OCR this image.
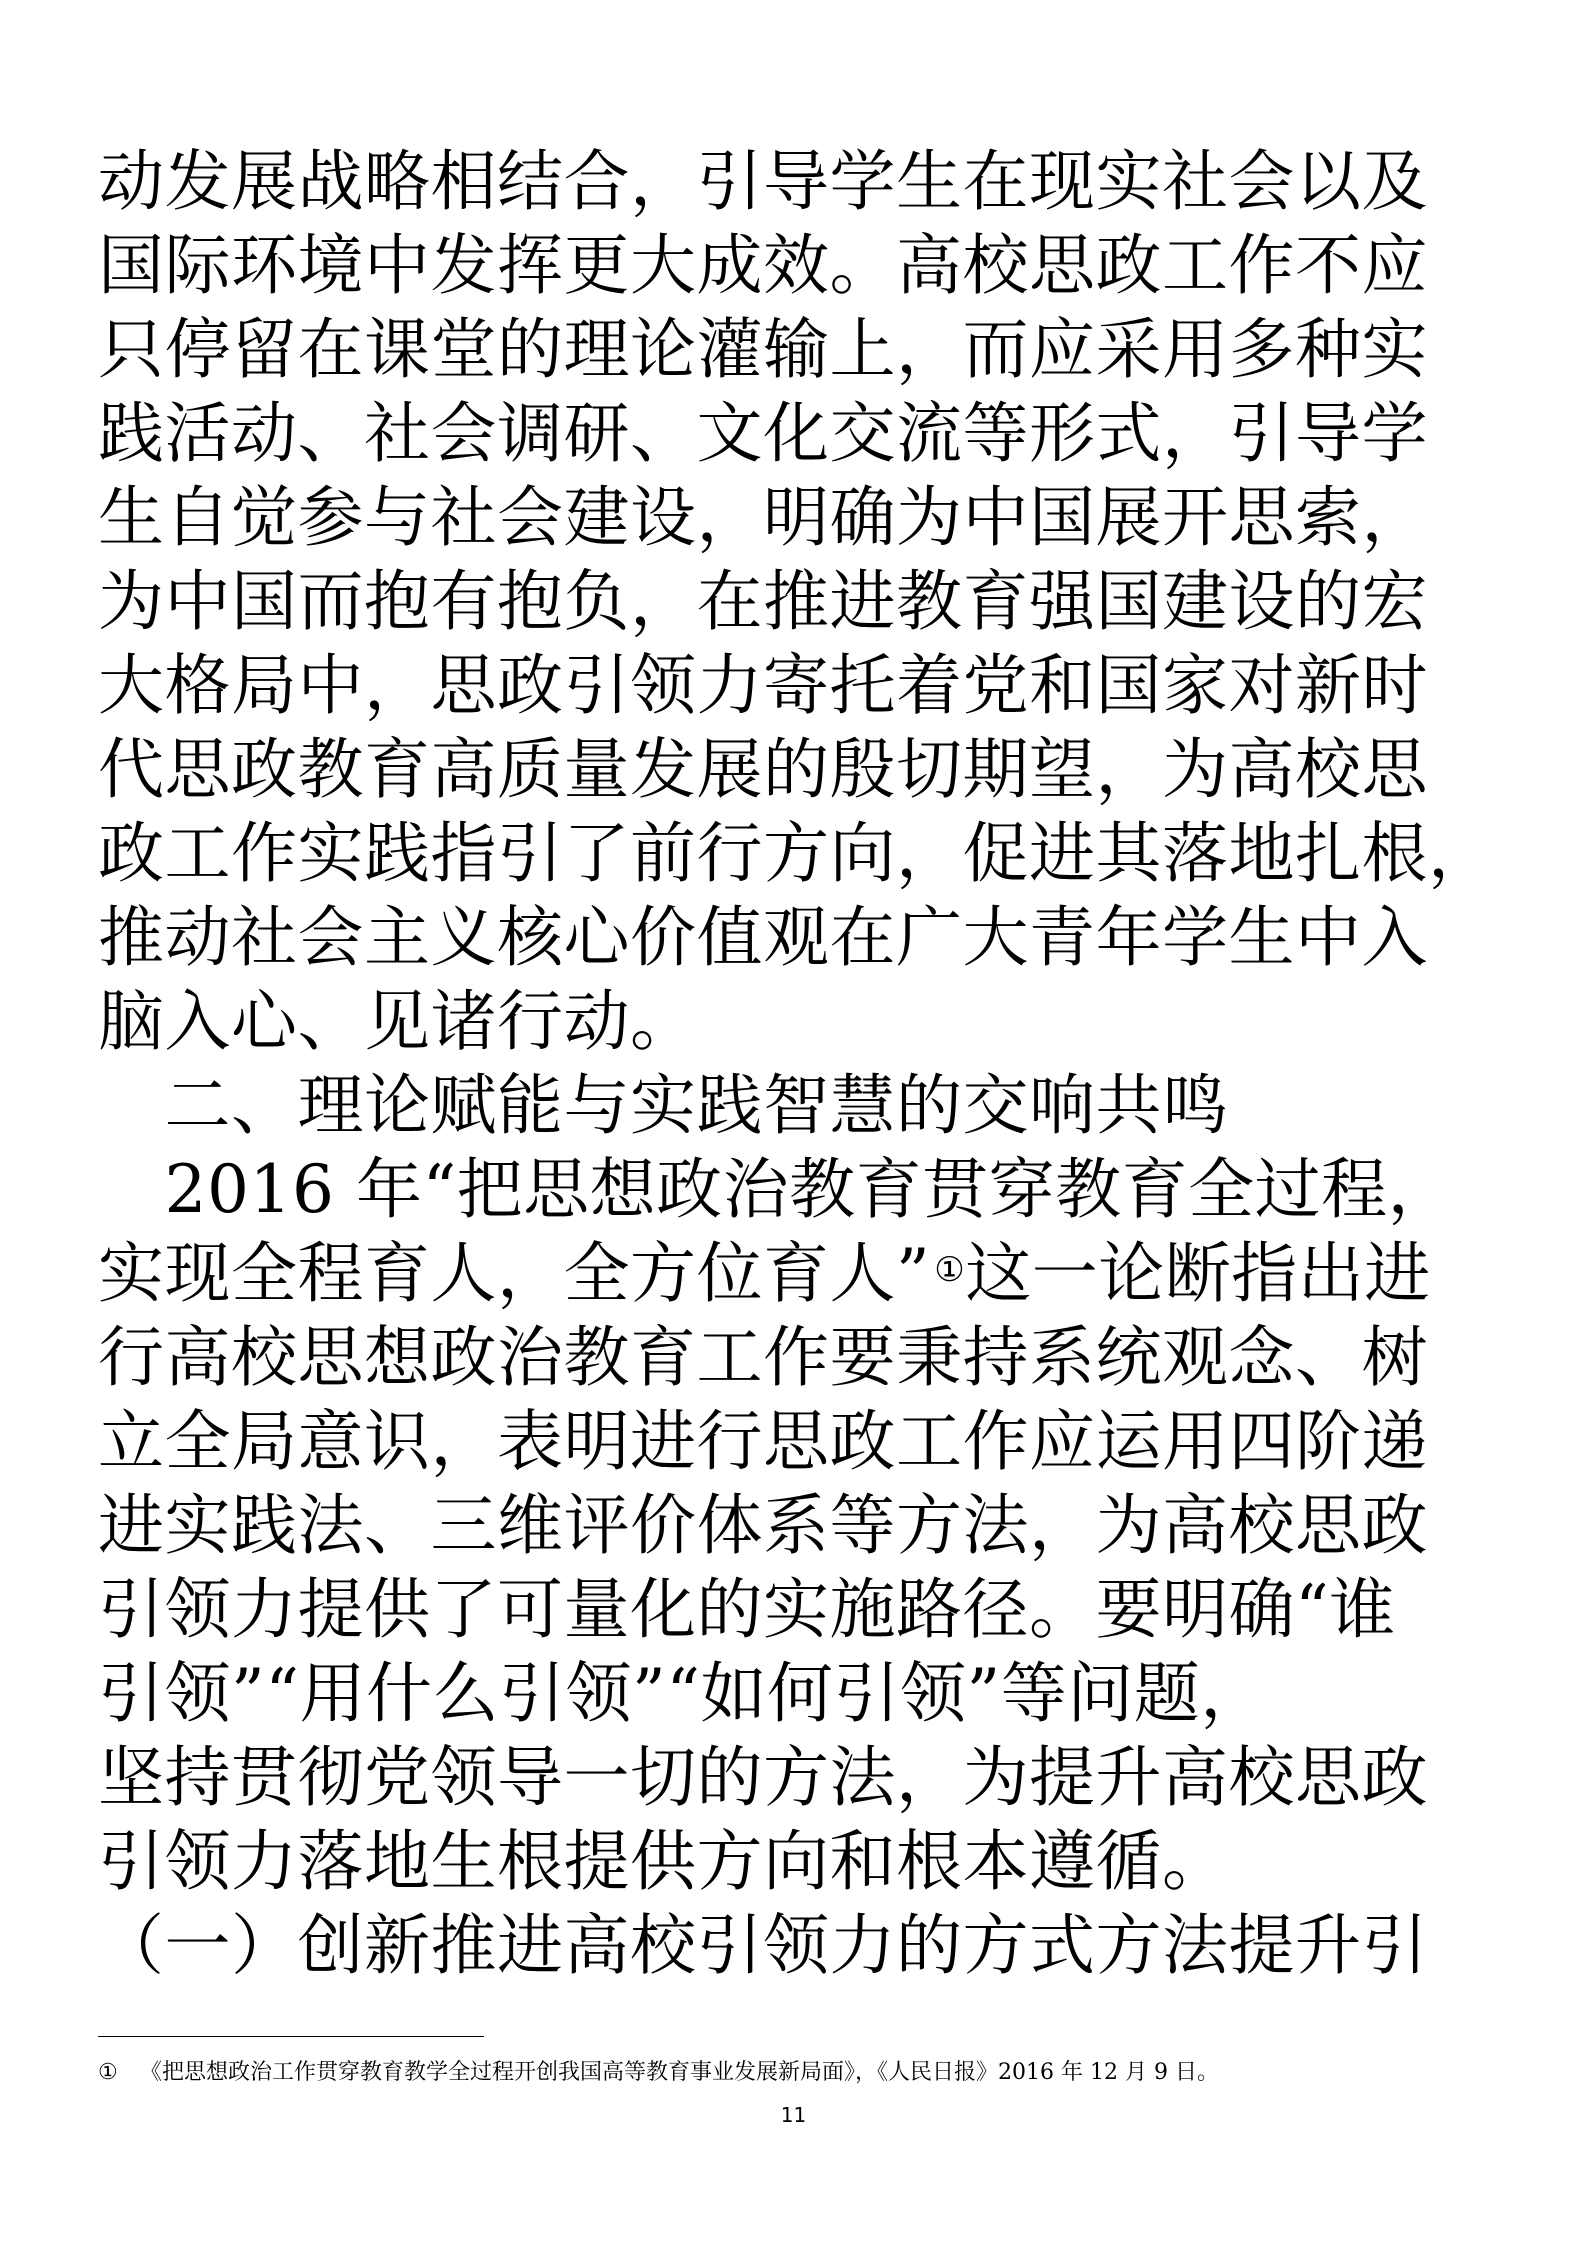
动发展战略相结合，引导学生在现实社会以及
国际环境中发挥更大成效。高校思政工作不应
只停留在课堂的理论灌输上，而应采用多种实
践活动、社会调研、文化交流等形式，引导学
生自觉参与社会建设，明确为中国展开思索，
为中国而抱有抱负，在推进教育强国建设的宏
大格局中，思政引领力寄托着党和国家对新时
代思政教育高质量发展的殷切期望，为高校思
政工作实践指引了前行方向，促进其落地扎根，
推动社会主义核心价值观在广大青年学生中入
脑入心、见诸行动。
　二、理论赋能与实践智慧的交响共鸣
　2016 年“把思想政治教育贯穿教育全过程，
实现全程育人，全方位育人” ①这一论断指出进
行高校思想政治教育工作要秉持系统观念、树
立全局意识，表明进行思政工作应运用四阶递
进实践法、三维评价体系等方法，为高校思政
引领力提供了可量化的实施路径。要明确“谁
引领”“用什么引领”“如何引领”等问题，
坚持贯彻党领导一切的方法，为提升高校思政
引领力落地生根提供方向和根本遵循。
（一）创新推进高校引领力的方式方法提升引
① 《把思想政治工作贯穿教育教学全过程开创我国高等教育事业发展新局面》，《人民日报》2016 年 12 月 9 日。
11
